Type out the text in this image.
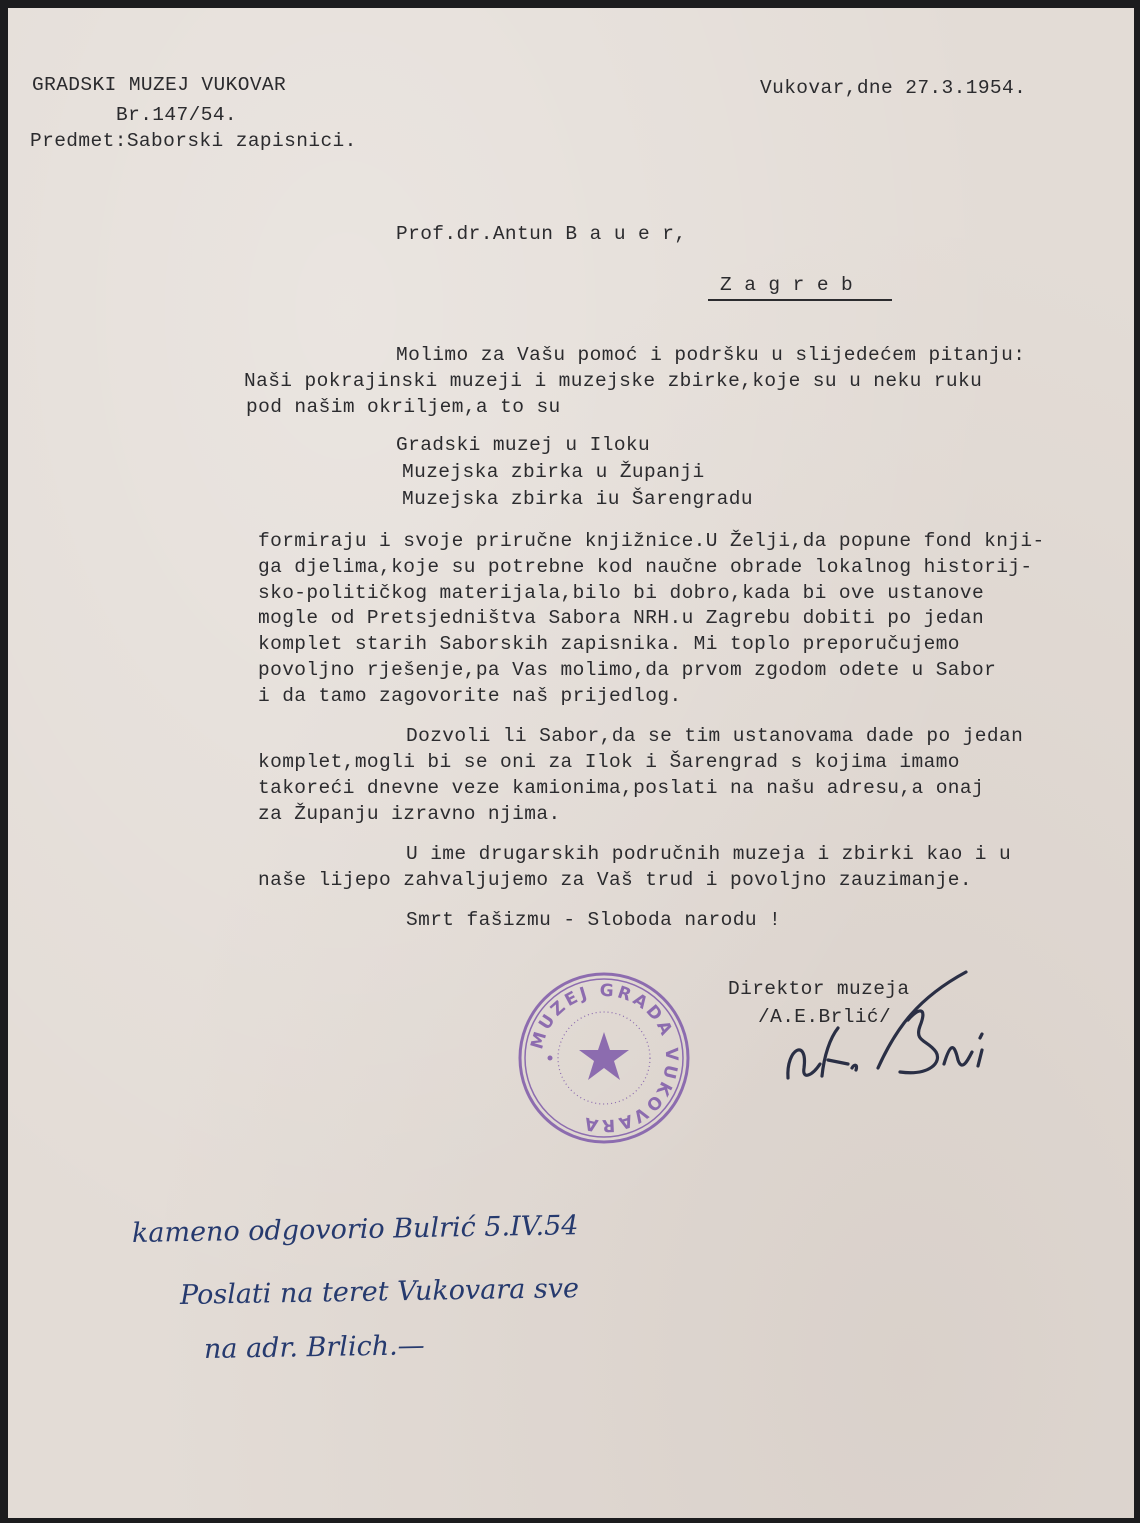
GRADSKI MUZEJ VUKOVAR
Br.147/54.
Predmet:Saborski zapisnici.
Vukovar,dne 27.3.1954.
Prof.dr.Antun B a u e r,
Z a g r e b
Molimo za Vašu pomoć i podršku u slijedećem pitanju:
Naši pokrajinski muzeji i muzejske zbirke,koje su u neku ruku
pod našim okriljem,a to su
Gradski muzej u Iloku
Muzejska zbirka u Županji
Muzejska zbirka iu Šarengradu
formiraju i svoje priručne knjižnice.U Želji,da popune fond knji-
ga djelima,koje su potrebne kod naučne obrade lokalnog historij-
sko-političkog materijala,bilo bi dobro,kada bi ove ustanove
mogle od Pretsjedništva Sabora NRH.u Zagrebu dobiti po jedan
komplet starih Saborskih zapisnika. Mi toplo preporučujemo
povoljno rješenje,pa Vas molimo,da prvom zgodom odete u Sabor
i da tamo zagovorite naš prijedlog.
Dozvoli li Sabor,da se tim ustanovama dade po jedan
komplet,mogli bi se oni za Ilok i Šarengrad s kojima imamo
takoreći dnevne veze kamionima,poslati na našu adresu,a onaj
za Županju izravno njima.
U ime drugarskih područnih muzeja i zbirki kao i u
naše lijepo zahvaljujemo za Vaš trud i povoljno zauzimanje.
Smrt fašizmu - Sloboda narodu !
Direktor muzeja
/A.E.Brlić/
MUZEJ GRADA VUKOVARA
kameno odgovorio Bulrić 5.IV.54
Poslati na teret Vukovara sve
na adr. Brlich.—
